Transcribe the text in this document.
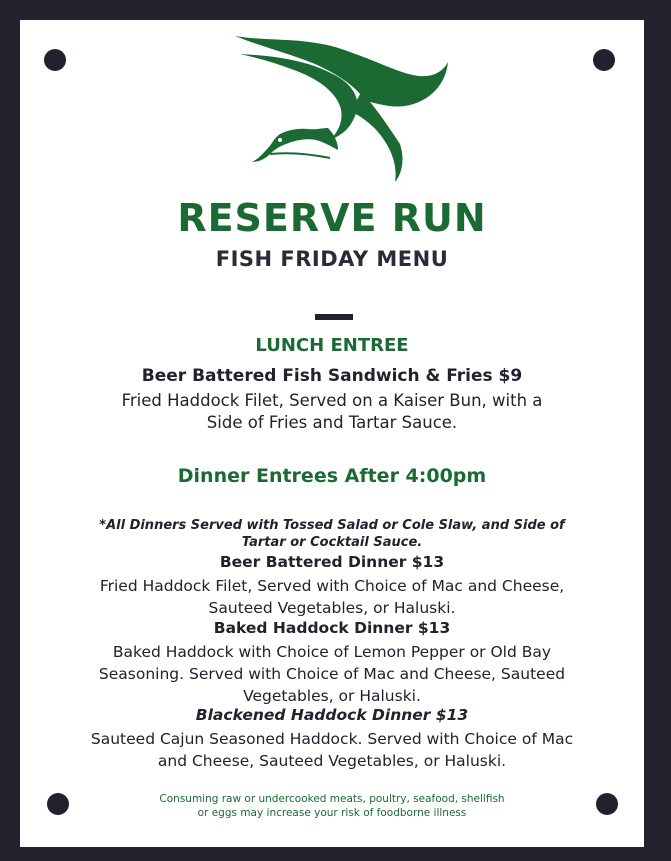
RESERVE RUN
FISH FRIDAY MENU
LUNCH ENTREE
Beer Battered Fish Sandwich & Fries $9
Fried Haddock Filet, Served on a Kaiser Bun, with a
Side of Fries and Tartar Sauce.
Dinner Entrees After 4:00pm
*All Dinners Served with Tossed Salad or Cole Slaw, and Side of
Tartar or Cocktail Sauce.
Beer Battered Dinner $13
Fried Haddock Filet, Served with Choice of Mac and Cheese,
Sauteed Vegetables, or Haluski.
Baked Haddock Dinner $13
Baked Haddock with Choice of Lemon Pepper or Old Bay
Seasoning. Served with Choice of Mac and Cheese, Sauteed
Vegetables, or Haluski.
Blackened Haddock Dinner $13
Sauteed Cajun Seasoned Haddock. Served with Choice of Mac
and Cheese, Sauteed Vegetables, or Haluski.
Consuming raw or undercooked meats, poultry, seafood, shellfish
or eggs may increase your risk of foodborne illness
